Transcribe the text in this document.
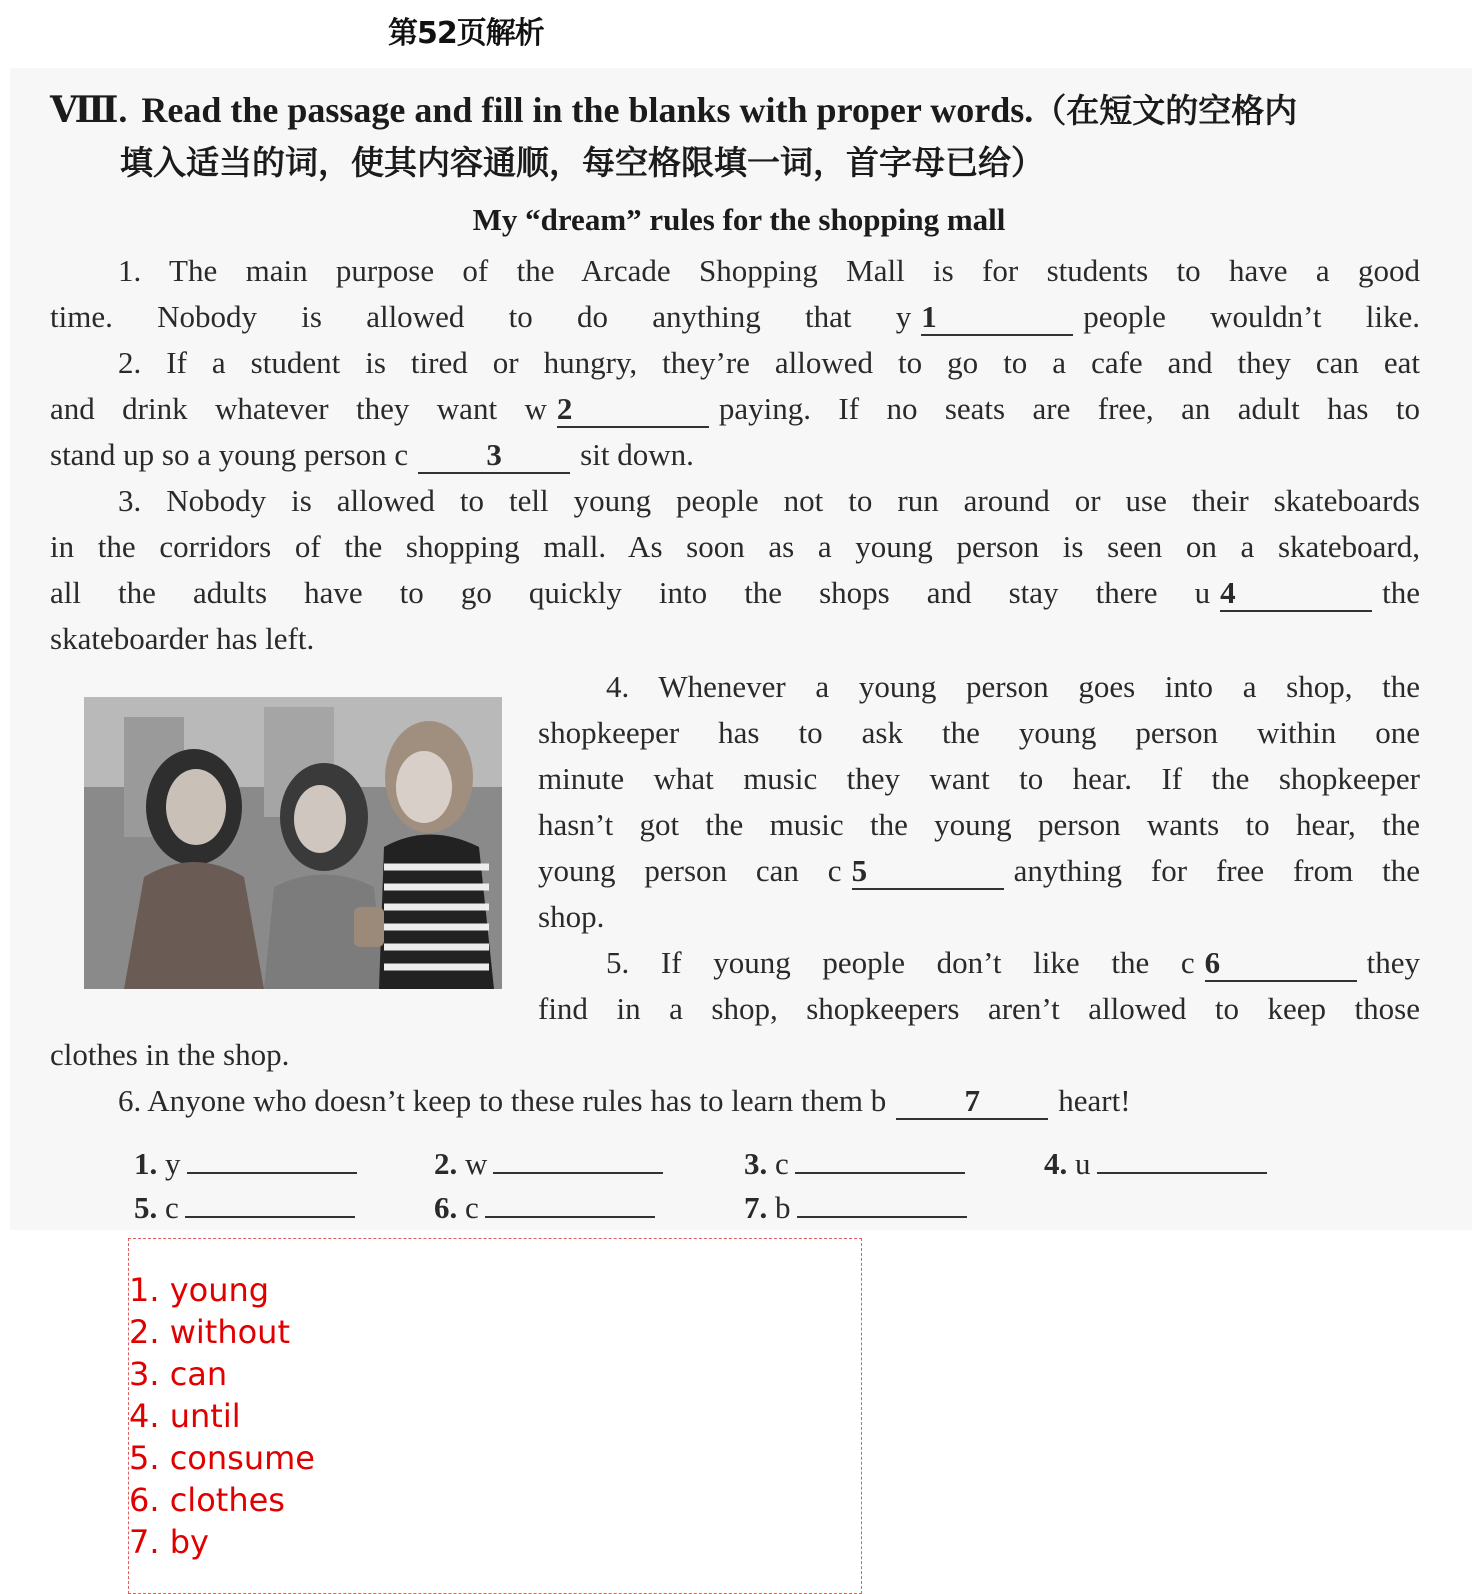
第52页解析
Ⅷ. Read the passage and fill in the blanks with proper words.（在短文的空格内
填入适当的词，使其内容通顺，每空格限填一词，首字母已给）
My “dream” rules for the shopping mall
1. The main purpose of the Arcade Shopping Mall is for students to have a good
time. Nobody is allowed to do anything that y 1	people wouldn’t like.
2. If a student is tired or hungry, they’re allowed to go to a cafe and they can eat
and drink whatever they want w 2	paying. If no seats are free, an adult has to
stand up so a young person c	3	sit down.
3. Nobody is allowed to tell young people not to run around or use their skateboards
in the corridors of the shopping mall. As soon as a young person is seen on a skateboard,
all the adults have to go quickly into the shops and stay there u 4	the
skateboarder has left.
4. Whenever a young person goes into a shop, the
shopkeeper has to ask the young person within one
minute what music they want to hear. If the shopkeeper
hasn’t got the music the young person wants to hear, the
young person can c 5	anything for free from the
shop.
5. If young people don’t like the c 6	they
find in a shop, shopkeepers aren’t allowed to keep those
clothes in the shop.
6. Anyone who doesn’t keep to these rules has to learn them b	7	heart!
1. y	2. w	3. c	4. u
5. c	6. c	7. b
1. young
2. without
3. can
4. until
5. consume
6. clothes
7. by
